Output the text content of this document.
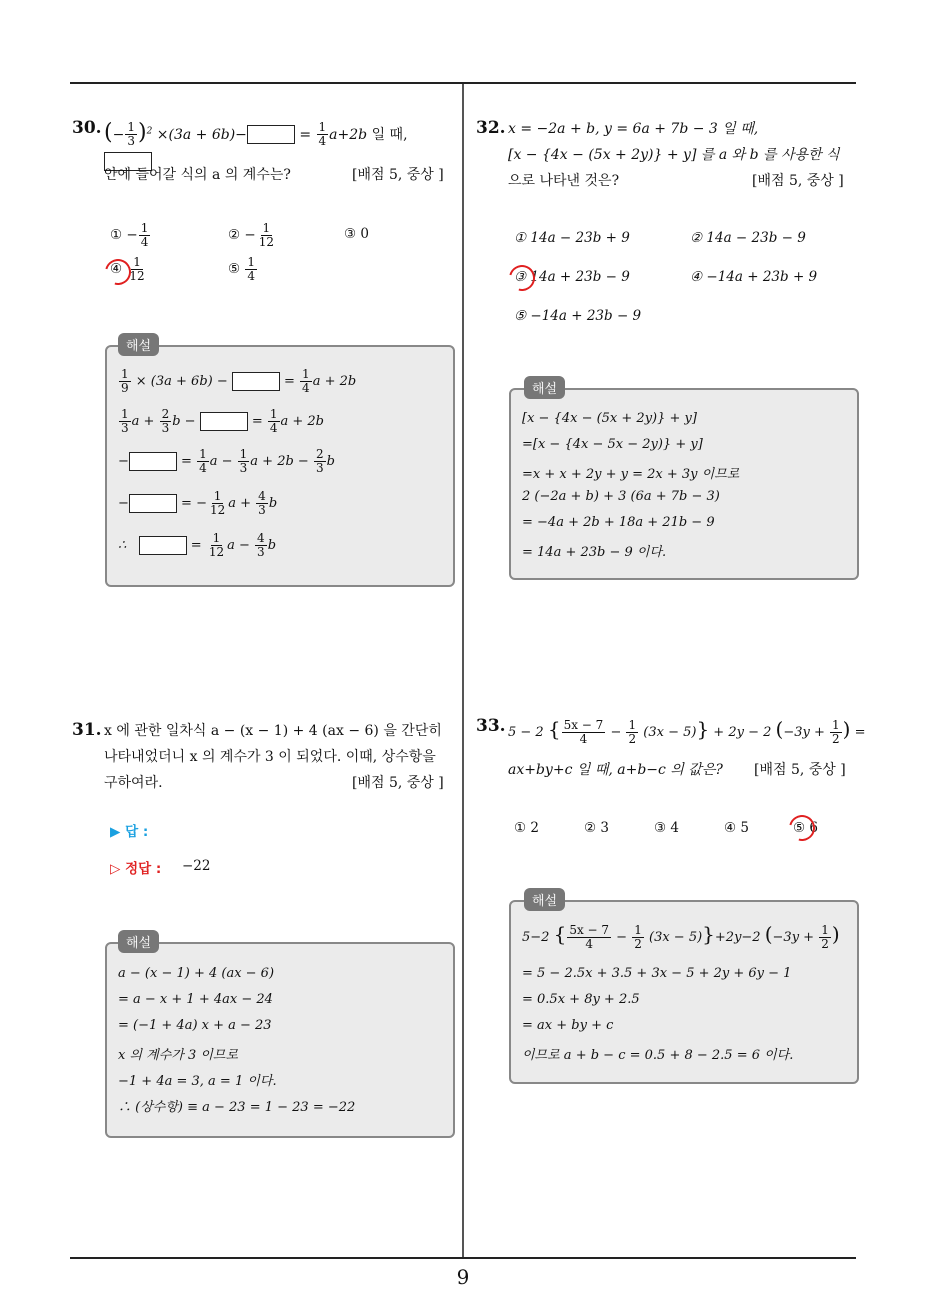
30. (− $\frac{1}{3} )^2 \times(3a + 6b)-$	= $\frac{1}{4} a+2b$ 일 때,
안에 들어갈 식의 a 의 계수는?	[배점 5, 중상 ]
① − $\frac{1}{4}$	② − $\frac{1}{12}$	③ 0
④ $\frac{1}{12}$	⑤ $\frac{1}{4}$
해설
$\frac{1}{9} \times (3a + 6b)$ −	= $\frac{1}{4}$ a + 2b
$\frac{1}{3}$ $a + \frac{2}{3}$ b −	= $\frac{1}{4}$ a + 2b
−	= $\frac{1}{4}$ $a - \frac{1}{3}$ $a + 2b - \frac{2}{3}$ b
−	= − $\frac{1}{12}$ $a + \frac{4}{3}$ b
∴	= $\frac{1}{12}$ $a - \frac{4}{3}$ b
31. x 에 관한 일차식 a − (x − 1) + 4 (ax − 6) 을 간단히
나타내었더니 x 의 계수가 3 이 되었다. 이때, 상수항을
구하여라.	[배점 5, 중상 ]
▶ 답 :
▷ 정답 : −22
해설
a − (x − 1) + 4 (ax − 6)
= a − x + 1 + 4ax − 24
= (−1 + 4a) x + a − 23
x 의 계수가 3 이므로
−1 + 4a = 3, a = 1 이다.
∴ (상수항) ≡ a − 23 = 1 − 23 = −22
32. x = −2a + b, y = 6a + 7b − 3 일 때,
[x − {4x − (5x + 2y)} + y] 를 a 와 b 를 사용한 식
으로 나타낸 것은?	[배점 5, 중상 ]
① 14a − 23b + 9	② 14a − 23b − 9
③ 14a + 23b − 9	④ −14a + 23b + 9
⑤ −14a + 23b − 9
해설
[x − {4x − (5x + 2y)} + y]
=[x − {4x − 5x − 2y)} + y]
=x + x + 2y + y = 2x + 3y 이므로
2 (−2a + b) + 3 (6a + 7b − 3)
= −4a + 2b + 18a + 21b − 9
= 14a + 23b − 9 이다.
33. 5 − 2 { $\frac{5x - 7}{4} - \frac{1}{2} (3x - 5)\} + 2y - 2$ ($-3y + \frac{1}{2}$ ) =
ax+by+c 일 때, a+b−c 의 값은? [배점 5, 중상 ]
① 2	② 3	③ 4	④ 5	⑤ 6
해설
5−2 { $\frac{5x - 7}{4} - \frac{1}{2} (3x - 5)\}+2y-2$ ($-3y + \frac{1}{2}$ )
= 5 − 2.5x + 3.5 + 3x − 5 + 2y + 6y − 1
= 0.5x + 8y + 2.5
= ax + by + c
이므로 a + b − c = 0.5 + 8 − 2.5 = 6 이다.
9
